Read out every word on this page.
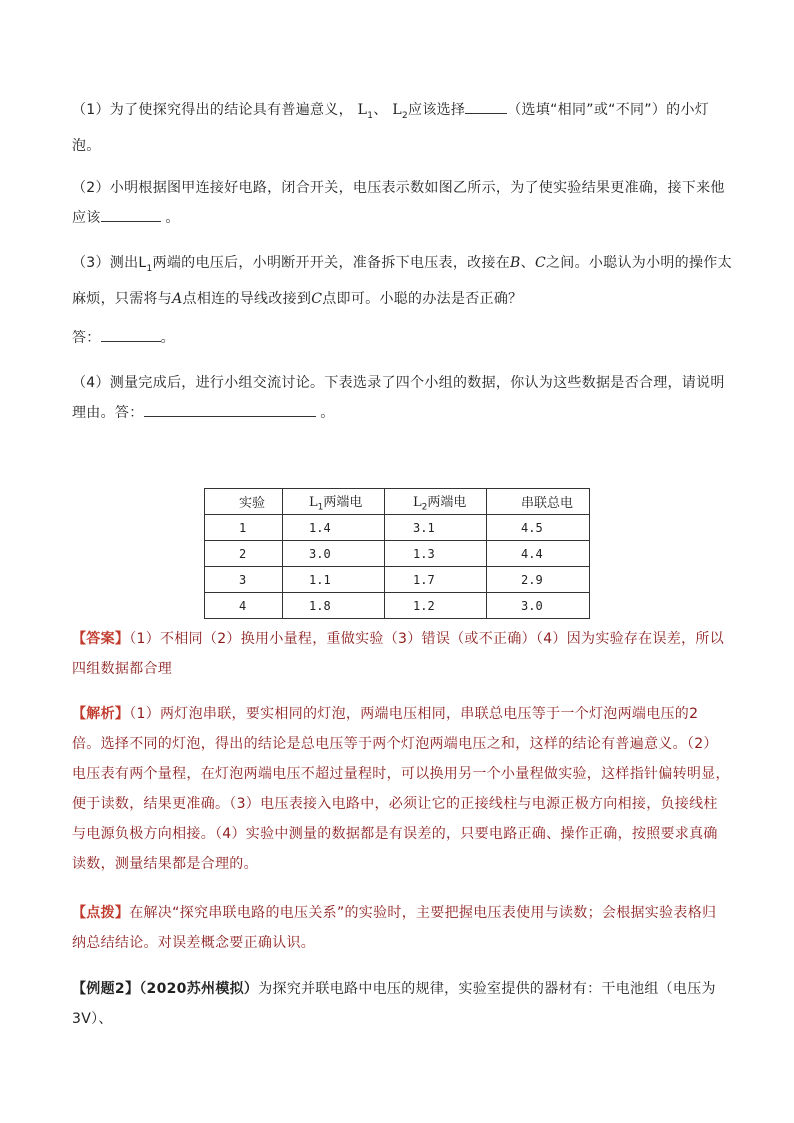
（1）为了使探究得出的结论具有普遍意义， $L_1$、 $L_2$应该选择	（选填“相同”或“不同”）的小灯
泡。
（2）小明根据图甲连接好电路，闭合开关，电压表示数如图乙所示，为了使实验结果更准确，接下来他
应该	。
（3）测出$L_1$两端的电压后，小明断开开关，准备拆下电压表，改接在B、C之间。小聪认为小明的操作太
麻烦，只需将与A点相连的导线改接到C点即可。小聪的办法是否正确？
答：	。
（4）测量完成后，进行小组交流讨论。下表选录了四个小组的数据，你认为这些数据是否合理，请说明
理由。答：	。
实验	$L_1$两端电	$L_2$两端电	串联总电
1	1.4	3.1	4.5
2	3.0	1.3	4.4
3	1.1	1.7	2.9
4	1.8	1.2	3.0
【答案】（1）不相同（2）换用小量程，重做实验（3）错误（或不正确）（4）因为实验存在误差，所以
四组数据都合理
【解析】（1）两灯泡串联，要实相同的灯泡，两端电压相同，串联总电压等于一个灯泡两端电压的2
倍。选择不同的灯泡，得出的结论是总电压等于两个灯泡两端电压之和，这样的结论有普遍意义。（2）
电压表有两个量程，在灯泡两端电压不超过量程时，可以换用另一个小量程做实验，这样指针偏转明显，
便于读数，结果更准确。（3）电压表接入电路中，必须让它的正接线柱与电源正极方向相接，负接线柱
与电源负极方向相接。（4）实验中测量的数据都是有误差的，只要电路正确、操作正确，按照要求真确
读数，测量结果都是合理的。
【点拨】在解决“探究串联电路的电压关系”的实验时，主要把握电压表使用与读数；会根据实验表格归
纳总结结论。对误差概念要正确认识。
【例题2】（2020苏州模拟）为探究并联电路中电压的规律，实验室提供的器材有：干电池组（电压为 3V）、
